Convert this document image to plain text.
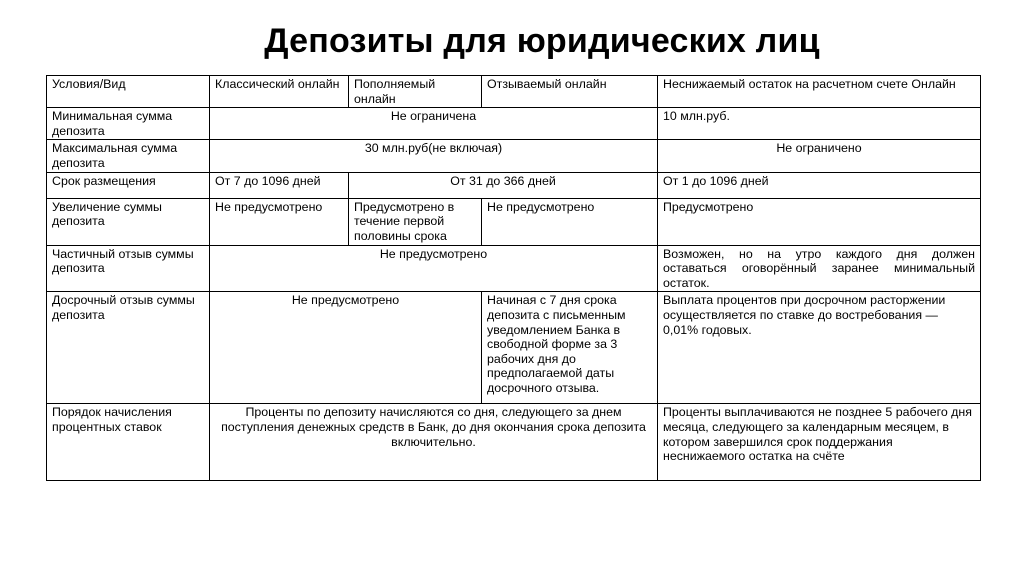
Депозиты для юридических лиц
Условия/Вид	Классический онлайн	Пополняемый онлайн	Отзываемый онлайн	Неснижаемый остаток на расчетном счете Онлайн
Минимальная сумма депозита	Не ограничена			10 млн.руб.
Максимальная сумма депозита	30 млн.руб(не включая)			Не ограничено
Срок размещения	От 7 до 1096 дней	От 31 до 366 дней		От 1 до 1096 дней
Увеличение суммы депозита	Не предусмотрено	Предусмотрено в течение первой половины срока	Не предусмотрено	Предусмотрено
Частичный отзыв суммы депозита	Не предусмотрено			Возможен, но на утро каждого дня должен оставаться оговорённый заранее минимальный остаток.
Досрочный отзыв суммы депозита	Не предусмотрено		Начиная с 7 дня срока депозита с письменным уведомлением Банка в свободной форме за 3 рабочих дня до предполагаемой даты досрочного отзыва.	Выплата процентов при досрочном расторжении осуществляется по ставке до востребования — 0,01% годовых.
Порядок начисления процентных ставок	Проценты по депозиту начисляются со дня, следующего за днем поступления денежных средств в Банк, до дня окончания срока депозита включительно.			Проценты выплачиваются не позднее 5 рабочего дня месяца, следующего за календарным месяцем, в котором завершился срок поддержания неснижаемого остатка на счёте
